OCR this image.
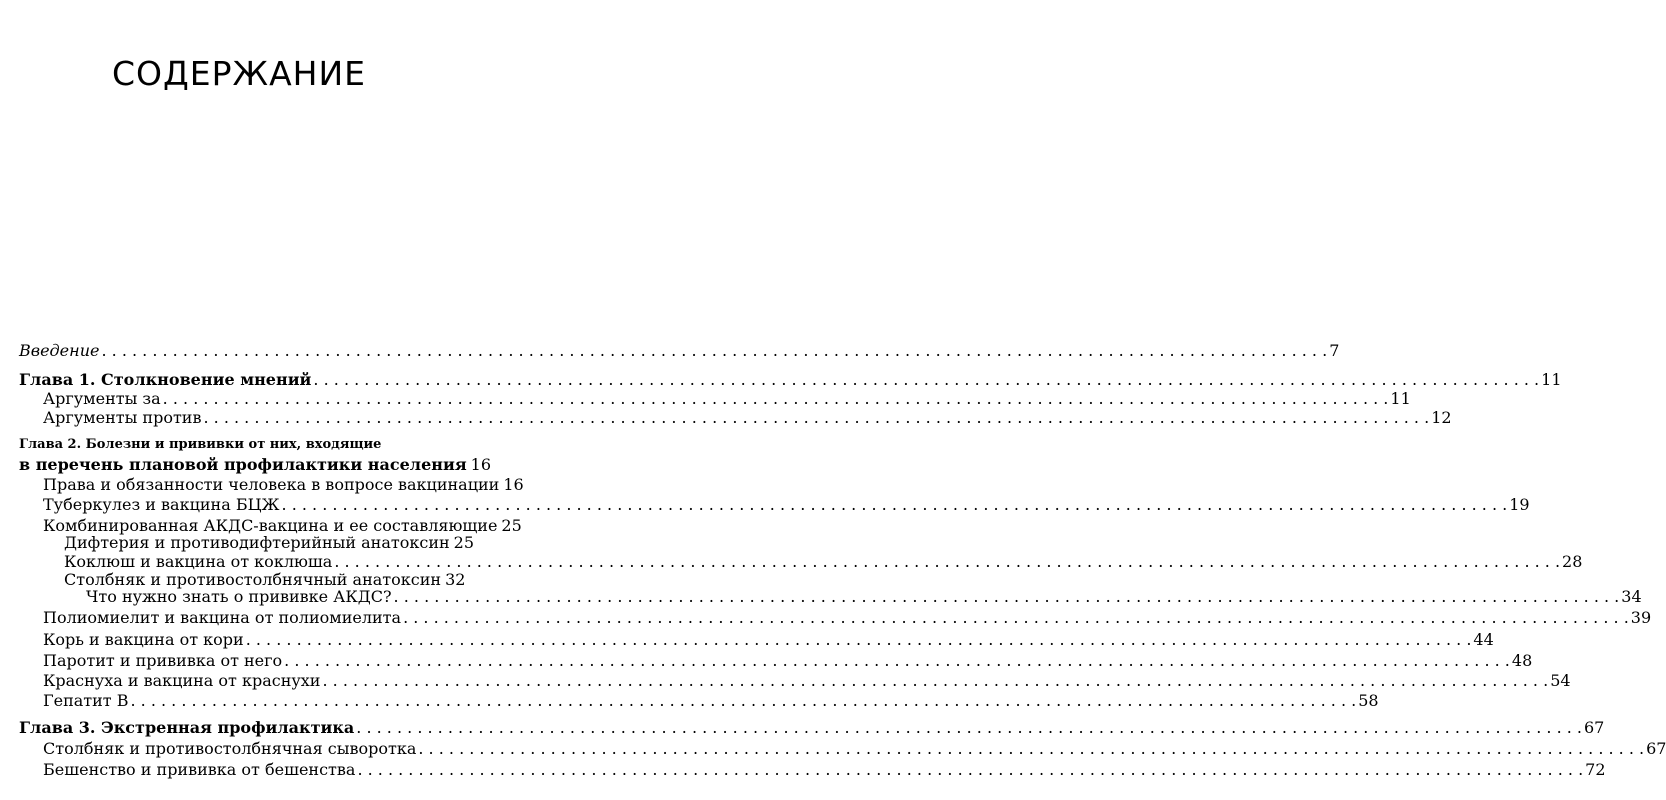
СОДЕРЖАНИЕ
Введение . . .	7
Глава 1. Столкновение мнений . . .	11
Аргументы за . . .	11
Аргументы против . . .	12
Глава 2. Болезни и прививки от них, входящие
в перечень плановой профилактики населения 16
Права и обязанности человека в вопросе вакцинации 16
Туберкулез и вакцина БЦЖ . . .	19
Комбинированная АКДС-вакцина и ее составляющие 25
Дифтерия и противодифтерийный анатоксин 25
Коклюш и вакцина от коклюша . . .	28
Столбняк и противостолбнячный анатоксин 32
Что нужно знать о прививке АКДС? . . .	34
Полиомиелит и вакцина от полиомиелита . . .	39
Корь и вакцина от кори . . .	44
Паротит и прививка от него . . .	48
Краснуха и вакцина от краснухи . . .	54
Гепатит В . . .	58
Глава 3. Экстренная профилактика . . .	67
Столбняк и противостолбнячная сыворотка . . .	67
Бешенство и прививка от бешенства . . .	72
